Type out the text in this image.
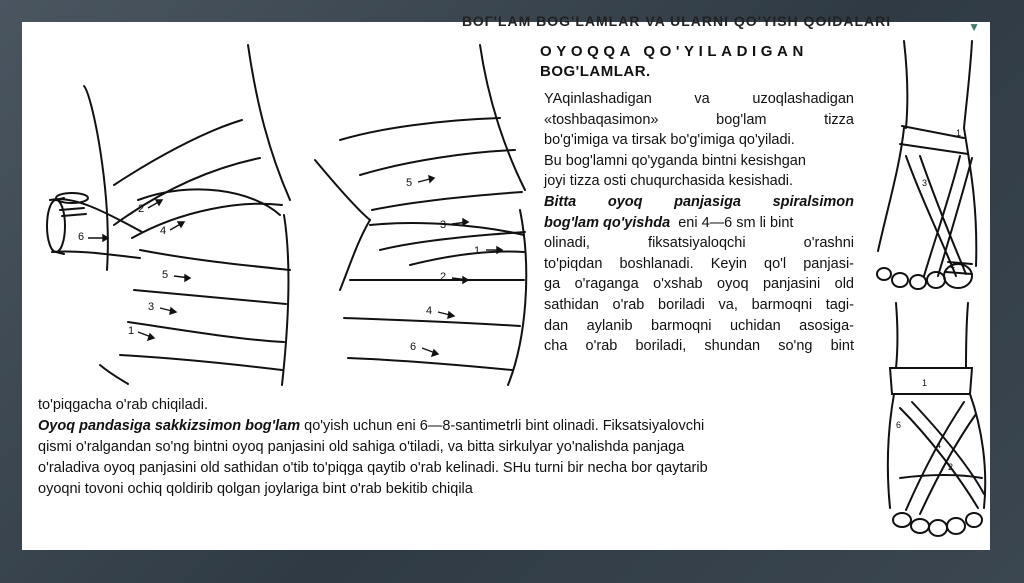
ВОГ'LАМ BOG'LАМLАR VA ULАRNI QO'YISH QОIDАLARI	▼
6
2
4
5
3
1
5
3
1
2
4
6
1
3
2
1
6
4
2
OYOQQA QO'YILADIGAN
BOG'LAMLAR.

YAqinlashadigan va uzoqlashadigan

«toshbaqasimon» bog'lam tizza

bo'g'imiga va tirsak bo'g'imiga qo'yiladi.

Bu bog'lamni qo'yganda bintni kesishgan

joyi tizza osti chuqurchasida kesishadi.

Bitta oyoq panjasiga spiralsimon

bog'lam qo'yishda  eni 4—6 sm li bint

olinadi, fiksatsiyaloqchi o'rashni

to'piqdan boshlanadi. Keyin qo'l panjasi-

ga o'raganga o'xshab oyoq panjasini old

sathidan o'rab boriladi va, barmoqni tagi-

dan aylanib barmoqni uchidan asosiga-

cha o'rab boriladi, shundan so'ng bint

to'piqgacha o'rab chiqiladi.

Oyoq pandasiga sakkizsimon bog'lam qo'yish uchun eni 6—8-santimetrli bint olinadi. Fiksatsiyalovchi

qismi o'ralgandan so'ng bintni oyoq panjasini old sahiga o'tiladi, va bitta sirkulyar yo'nalishda panjaga

o'raladiva oyoq panjasini old sathidan o'tib to'piqga qaytib o'rab kelinadi. SHu turni bir necha bor qaytarib

oyoqni tovoni ochiq qoldirib qolgan joylariga bint o'rab bekitib chiqila
